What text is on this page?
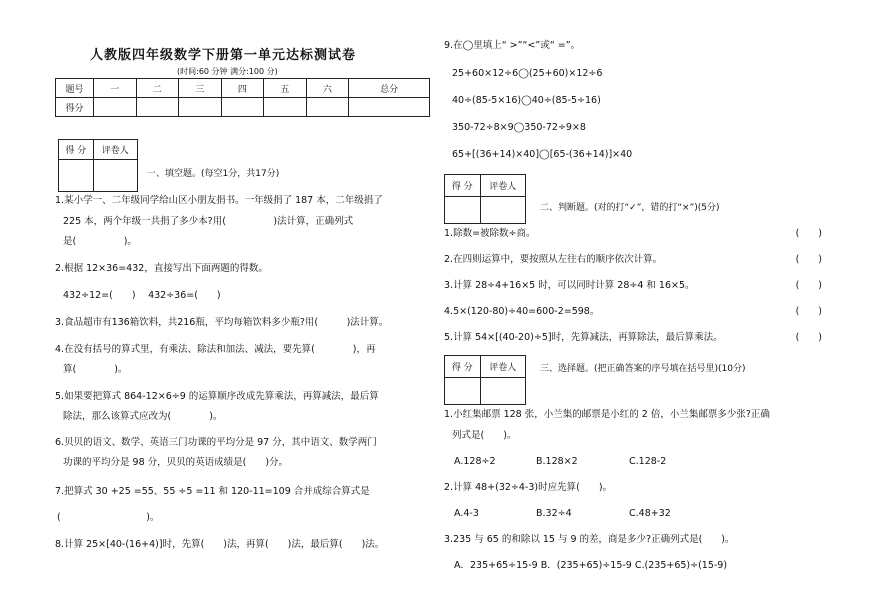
人教版四年级数学下册第一单元达标测试卷
(时间:60 分钟 满分:100 分)
题号	一	二	三	四	五	六	总分
得分							
得 分	评卷人

一、填空题。(每空1分，共17分)
1.某小学一、二年级同学给山区小朋友捐书。一年级捐了 187 本，二年级捐了
225 本，两个年级一共捐了多少本?用(　　　　　)法计算，正确列式
是(　　　　　)。
2.根据 12×36=432，直接写出下面两题的得数。
432÷12=(　　)　 432÷36=(　　)
3.食品超市有136箱饮料，共216瓶，平均每箱饮料多少瓶?用(　　　)法计算。
4.在没有括号的算式里，有乘法、除法和加法、减法，要先算(　　　　)，再
算(　　　　)。
5.如果要把算式 864-12×6÷9 的运算顺序改成先算乘法，再算减法，最后算
除法，那么该算式应改为(　　　　)。
6.贝贝的语文、数学、英语三门功课的平均分是 97 分，其中语文、数学两门
功课的平均分是 98 分，贝贝的英语成绩是(　　)分。
7.把算式 30 +25 =55、55 ÷5 =11 和 120-11=109 合并成综合算式是
(　　　　　　　　　)。
8.计算 25×[40-(16+4)]时，先算(　　)法，再算(　　)法，最后算(　　)法。
9.在◯里填上“ >”“<”或“ =”。
25+60×12÷6◯(25+60)×12÷6
40÷(85-5×16)◯40÷(85-5÷16)
350-72÷8×9◯350-72÷9×8
65+[(36+14)×40]◯[65-(36+14)]×40
得 分	评卷人

二、判断题。(对的打“✓”，错的打“×”)(5分)
1.除数=被除数÷商。	(　　)
2.在四则运算中，要按照从左往右的顺序依次计算。	(　　)
3.计算 28÷4+16×5 时，可以同时计算 28÷4 和 16×5。	(　　)
4.5×(120-80)÷40=600-2=598。	(　　)
5.计算 54×[(40-20)÷5]时，先算减法，再算除法，最后算乘法。	(　　)
得 分	评卷人
		三、选择题。(把正确答案的序号填在括号里)(10分)
1.小红集邮票 128 张，小兰集的邮票是小红的 2 倍，小兰集邮票多少张?正确
列式是(　　)。
A.128÷2	B.128×2	C.128-2
2.计算 48+(32÷4-3)时应先算(　　)。
A.4-3	B.32÷4	C.48+32
3.235 与 65 的和除以 15 与 9 的差，商是多少?正确列式是(　　)。
A．235+65÷15-9 B．(235+65)÷15-9 C.(235+65)÷(15-9)
